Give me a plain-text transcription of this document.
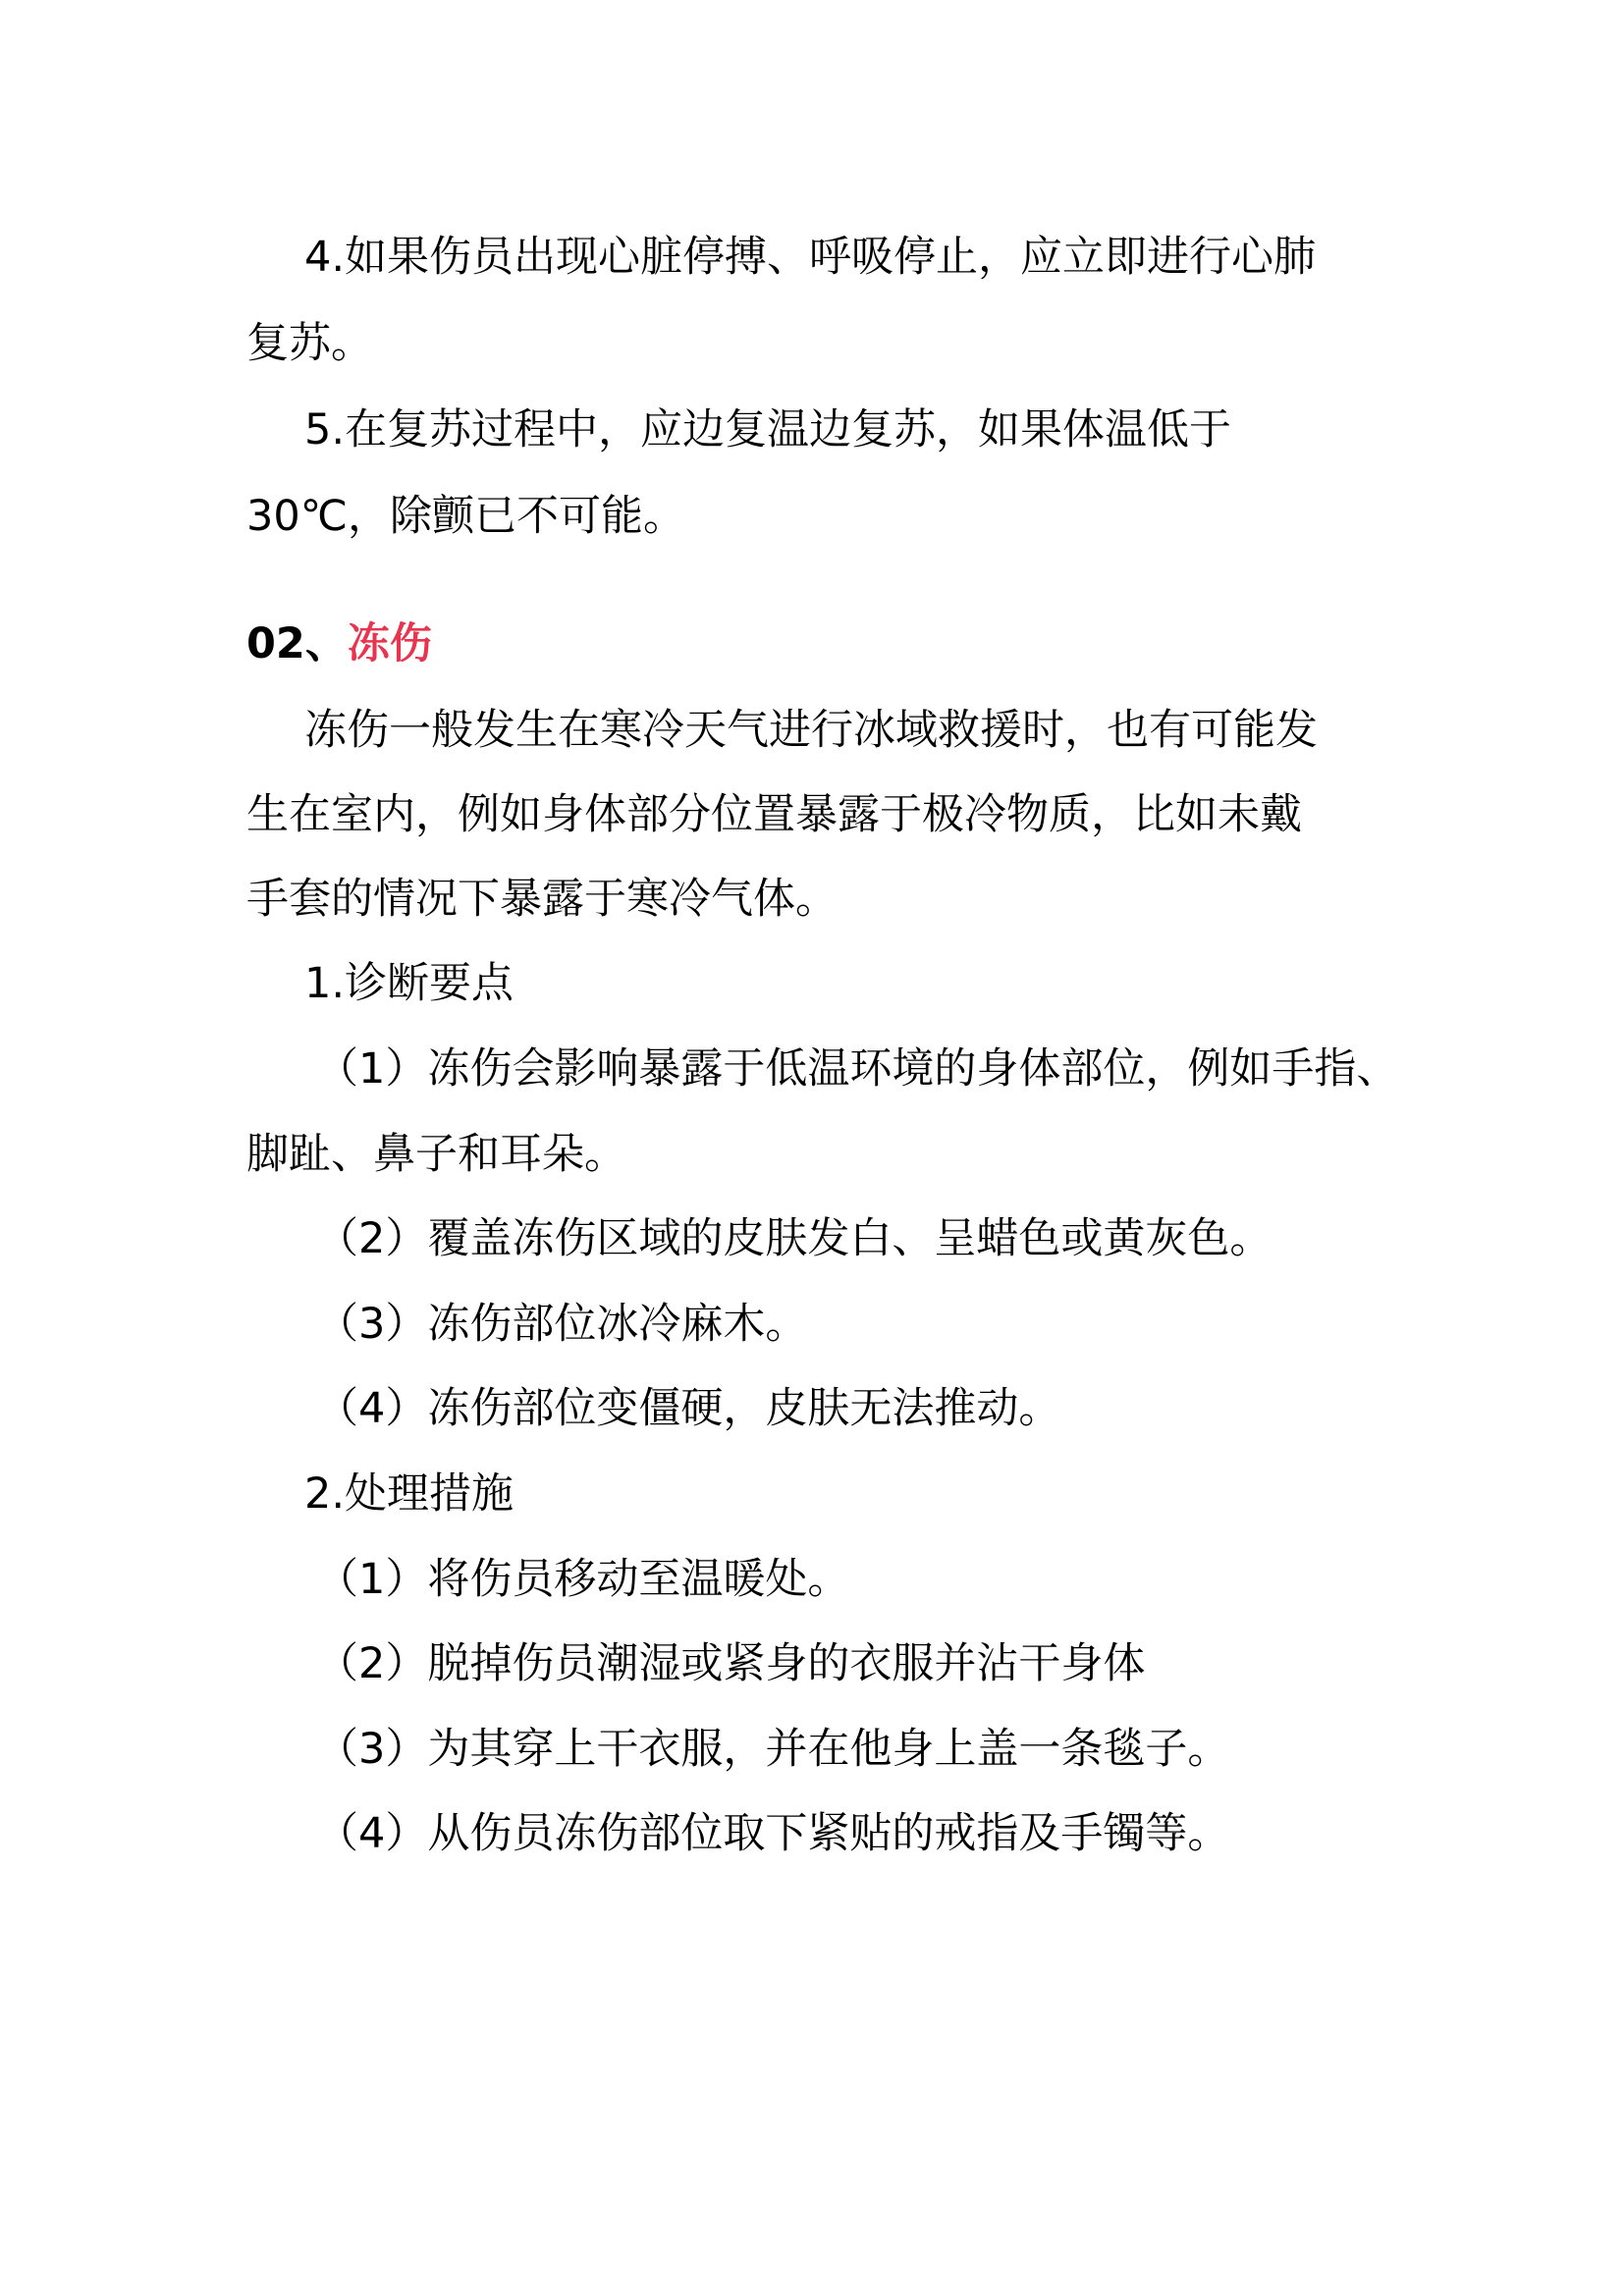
4.如果伤员出现心脏停搏、呼吸停止，应立即进行心肺

复苏。

5.在复苏过程中，应边复温边复苏，如果体温低于

30℃，除颤已不可能。

02、冻伤

冻伤一般发生在寒冷天气进行冰域救援时，也有可能发

生在室内，例如身体部分位置暴露于极冷物质，比如未戴

手套的情况下暴露于寒冷气体。

1.诊断要点

（1）冻伤会影响暴露于低温环境的身体部位，例如手指、

脚趾、鼻子和耳朵。

（2）覆盖冻伤区域的皮肤发白、呈蜡色或黄灰色。

（3）冻伤部位冰冷麻木。

（4）冻伤部位变僵硬，皮肤无法推动。

2.处理措施

（1）将伤员移动至温暖处。

（2）脱掉伤员潮湿或紧身的衣服并沾干身体

（3）为其穿上干衣服，并在他身上盖一条毯子。

（4）从伤员冻伤部位取下紧贴的戒指及手镯等。
